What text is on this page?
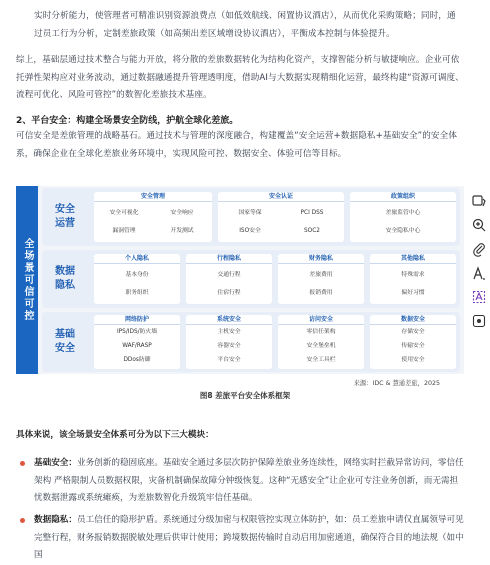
实时分析能力，使管理者可精准识别资源浪费点（如低效航线、闲置协议酒店），从而优化采购策略；同时，通过员工行为分析，定制差旅政策（如高频出差区域增设协议酒店），平衡成本控制与体验提升。
综上，基础层通过技术整合与能力开放，将分散的差旅数据转化为结构化资产，支撑智能分析与敏捷响应。企业可依托弹性架构应对业务波动，通过数据融通提升管理透明度，借助AI与大数据实现精细化运营，最终构建“资源可调度、流程可优化、风险可管控”的数智化差旅技术基座。
2、平台安全：构建全场景安全防线，护航全球化差旅。
可信安全是差旅管理的战略基石。通过技术与管理的深度融合，构建覆盖“安全运营+数据隐私+基础安全”的安全体系，确保企业在全球化差旅业务环境中，实现风险可控、数据安全、体验可信等目标。
全场景可信可控
安全
运营
安全管理
安全可视化	安全响应
漏洞管理	开发测试
安全认证
国家等保	PCI DSS
ISO安全	SOC2
政策组织
差旅监管中心
安全隐私中心
数据
隐私
个人隐私
基本身份
职务组织
行程隐私
交通行程
住宿行程
财务隐私
差旅费用
报销费用
其他隐私
特殊需求
偏好习惯
基础
安全
网络防护
IPS/IDS/防火墙
WAF/RASP
DDos防御
系统安全
主机安全
容器安全
平台安全
访问安全
零信任架构
安全堡垒机
安全工具栏
数据安全
存储安全
传输安全
使用安全
来源：IDC & 慧通差旅，2025
图8 差旅平台安全体系框架
具体来说，该全场景安全体系可分为以下三大模块：
基础安全：业务创新的稳固底座。基础安全通过多层次防护保障差旅业务连续性，网络实时拦截异常访问，零信任架构 严格限制人员数据权限，灾备机制确保故障分钟级恢复。这种“无感安全”让企业可专注业务创新，而无需担忧数据泄露或系统瘫痪，为差旅数智化升级筑牢信任基础。
数据隐私：员工信任的隐形护盾。系统通过分级加密与权限管控实现立体防护，如：员工差旅申请仅直属领导可见完整行程，财务报销数据脱敏处理后供审计使用；跨境数据传输时自动启用加密通道，确保符合目的地法规（如中国
